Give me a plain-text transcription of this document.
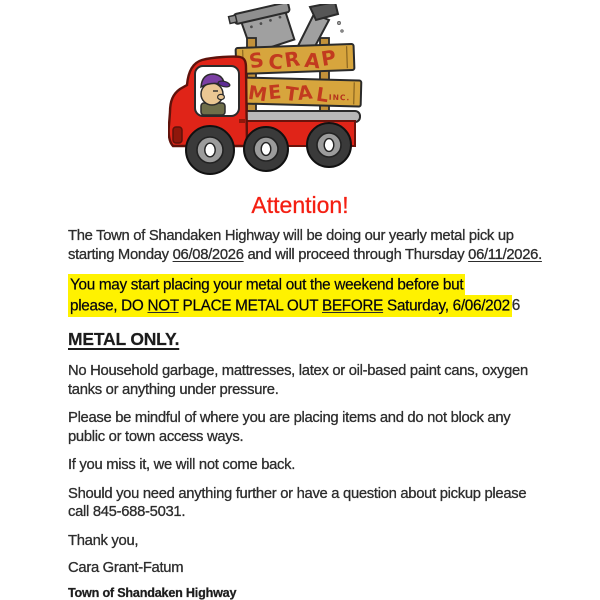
SCRAP
METAL
INC.
Attention!

The Town of Shandaken Highway will be doing our yearly metal pick up
starting Monday 06/08/2026 and will proceed through Thursday 06/11/2026.

You may start placing your metal out the weekend before but
please, DO NOT PLACE METAL OUT BEFORE Saturday, 6/06/202 6

METAL ONLY.

No Household garbage, mattresses, latex or oil-based paint cans, oxygen
tanks or anything under pressure.

Please be mindful of where you are placing items and do not block any
public or town access ways.

If you miss it, we will not come back.

Should you need anything further or have a question about pickup please
call 845-688-5031.

Thank you,

Cara Grant-Fatum

Town of Shandaken Highway
